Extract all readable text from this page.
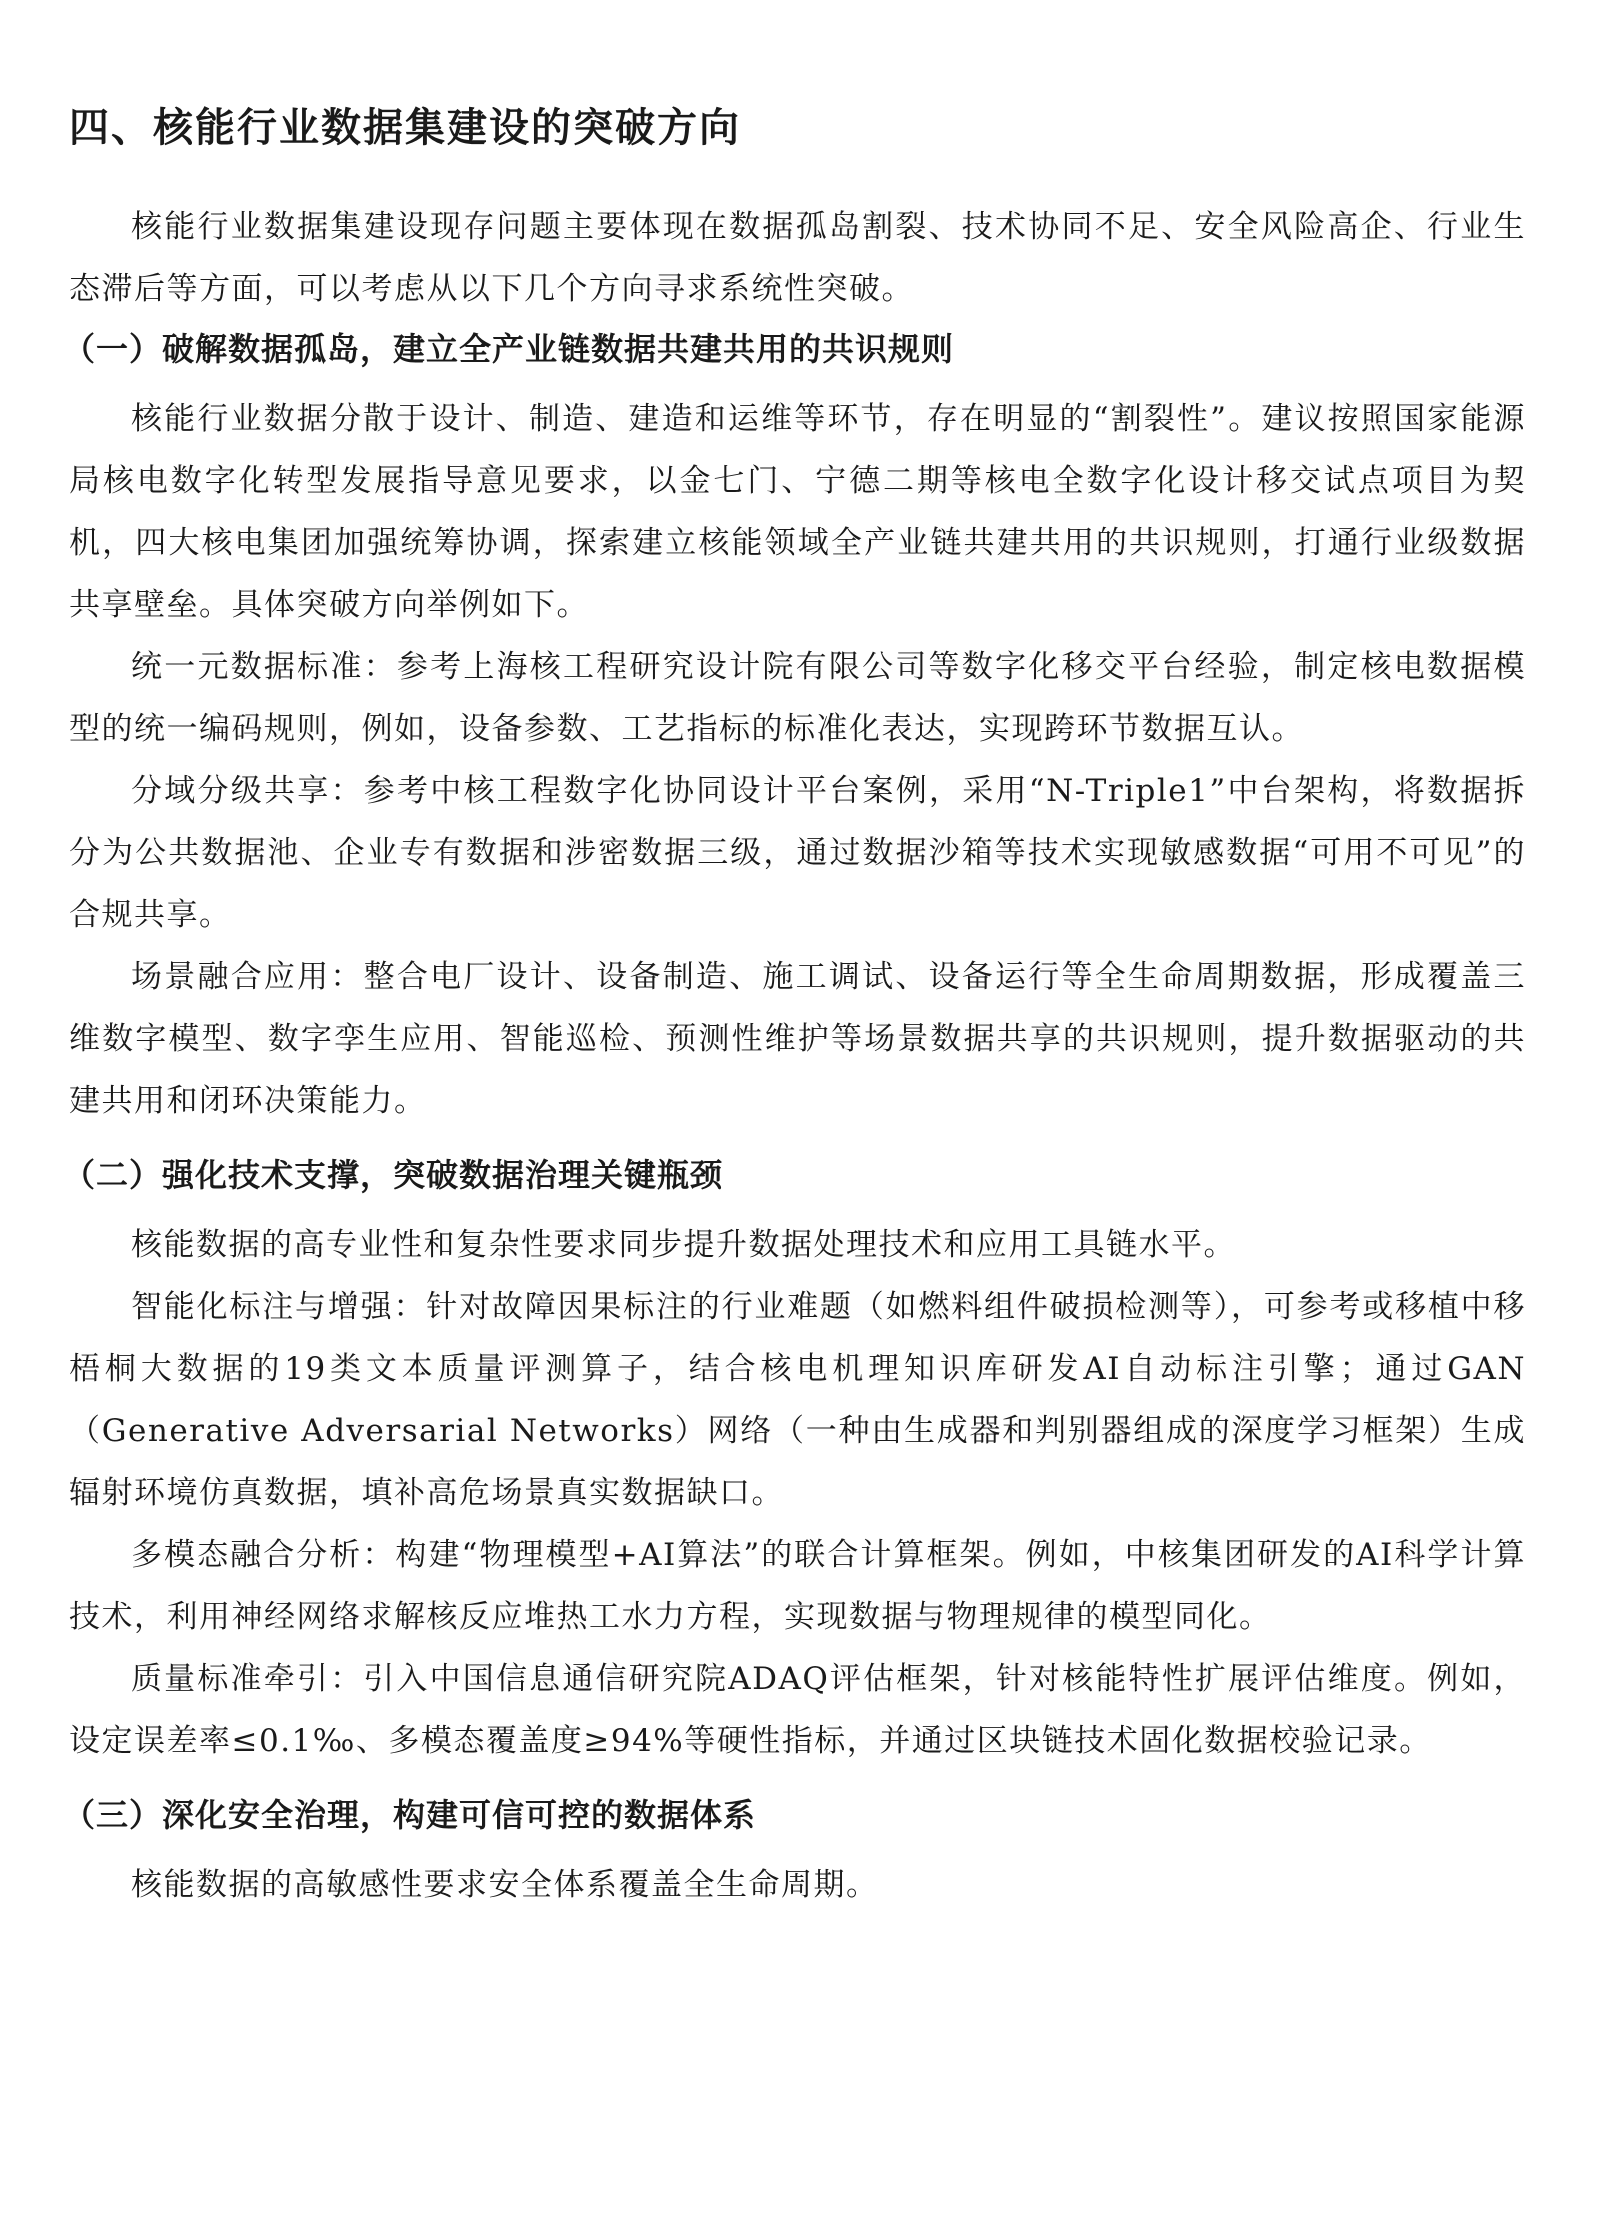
四、核能行业数据集建设的突破方向

核能行业数据集建设现存问题主要体现在数据孤岛割裂、技术协同不足、安全风险高企、行业生态滞后等方面，可以考虑从以下几个方向寻求系统性突破。

（一）破解数据孤岛，建立全产业链数据共建共用的共识规则

核能行业数据分散于设计、制造、建造和运维等环节，存在明显的“割裂性”。建议按照国家能源局核电数字化转型发展指导意见要求，以金七门、宁德二期等核电全数字化设计移交试点项目为契机，四大核电集团加强统筹协调，探索建立核能领域全产业链共建共用的共识规则，打通行业级数据共享壁垒。具体突破方向举例如下。

统一元数据标准：参考上海核工程研究设计院有限公司等数字化移交平台经验，制定核电数据模型的统一编码规则，例如，设备参数、工艺指标的标准化表达，实现跨环节数据互认。

分域分级共享：参考中核工程数字化协同设计平台案例，采用“N-Triple1”中台架构，将数据拆分为公共数据池、企业专有数据和涉密数据三级，通过数据沙箱等技术实现敏感数据“可用不可见”的合规共享。

场景融合应用：整合电厂设计、设备制造、施工调试、设备运行等全生命周期数据，形成覆盖三维数字模型、数字孪生应用、智能巡检、预测性维护等场景数据共享的共识规则，提升数据驱动的共建共用和闭环决策能力。

（二）强化技术支撑，突破数据治理关键瓶颈

核能数据的高专业性和复杂性要求同步提升数据处理技术和应用工具链水平。

智能化标注与增强：针对故障因果标注的行业难题（如燃料组件破损检测等），可参考或移植中移梧桐大数据的19类文本质量评测算子，结合核电机理知识库研发AI自动标注引擎；通过GAN（Generative Adversarial Networks）网络（一种由生成器和判别器组成的深度学习框架）生成辐射环境仿真数据，填补高危场景真实数据缺口。

多模态融合分析：构建“物理模型+AI算法”的联合计算框架。例如，中核集团研发的AI科学计算技术，利用神经网络求解核反应堆热工水力方程，实现数据与物理规律的模型同化。

质量标准牵引：引入中国信息通信研究院ADAQ评估框架，针对核能特性扩展评估维度。例如，设定误差率≤0.1‰、多模态覆盖度≥94%等硬性指标，并通过区块链技术固化数据校验记录。

（三）深化安全治理，构建可信可控的数据体系

核能数据的高敏感性要求安全体系覆盖全生命周期。
